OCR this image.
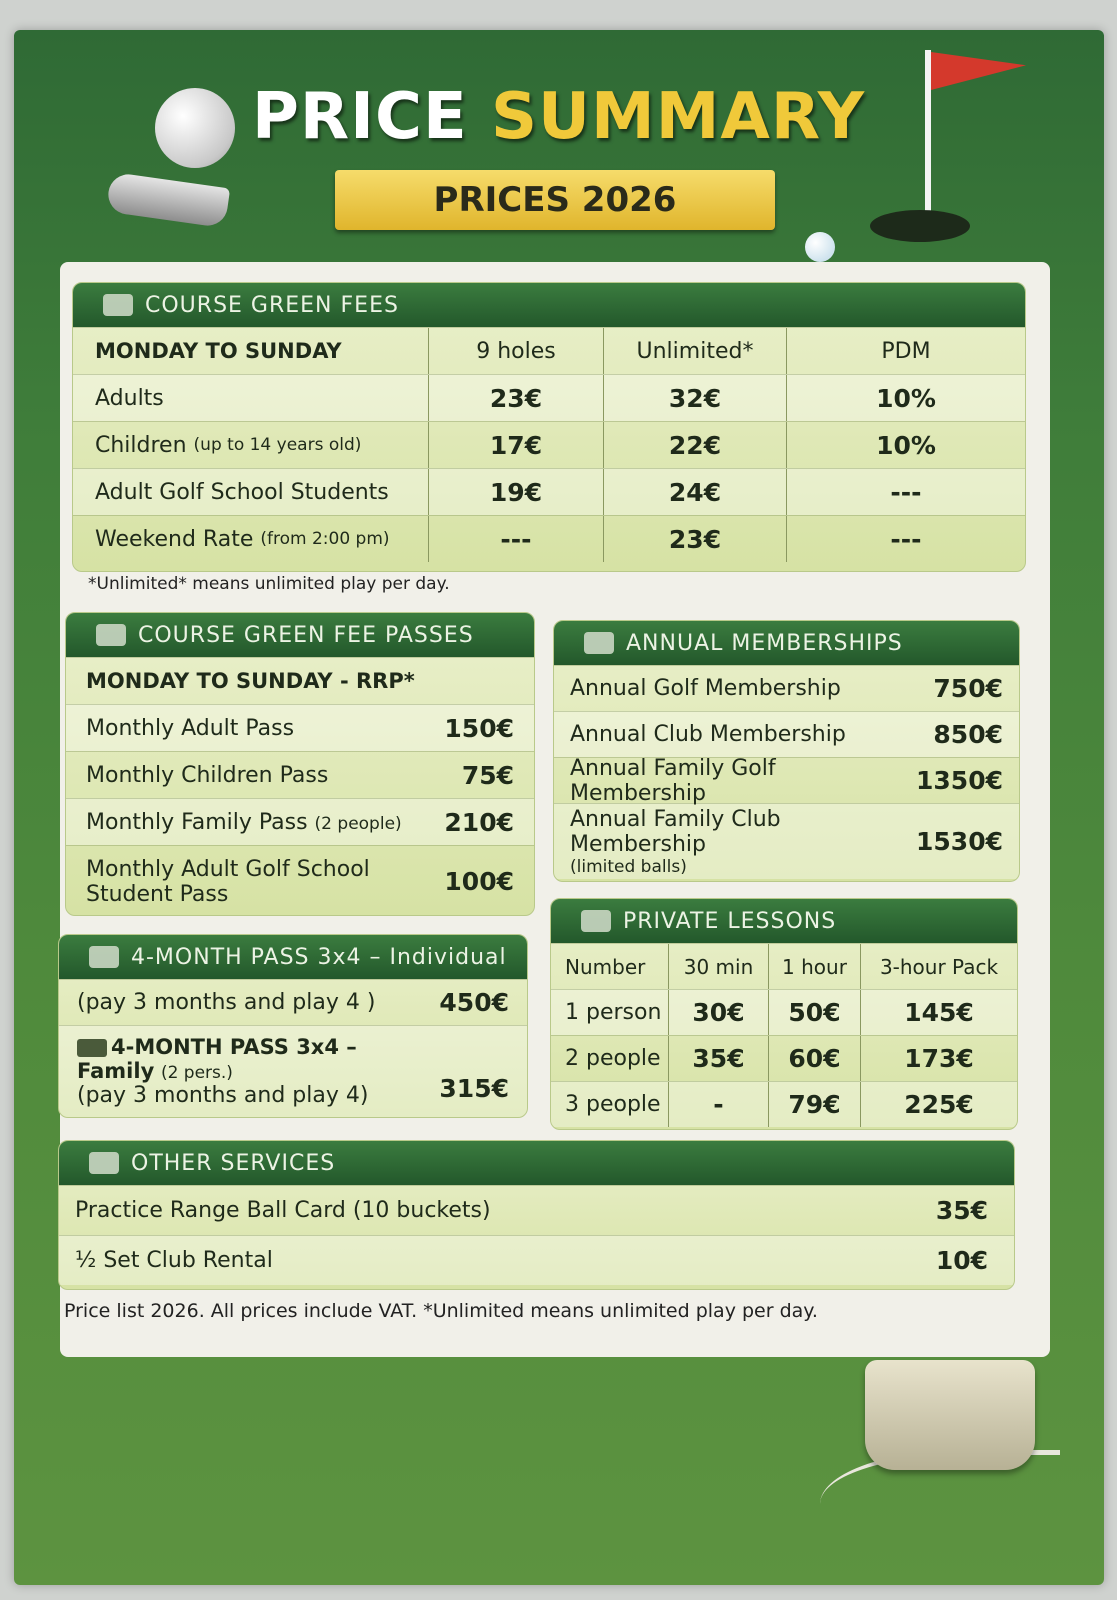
PRICE SUMMARY
PRICES 2026
COURSE GREEN FEES
MONDAY TO SUNDAY	9 holes	Unlimited*	PDM
Adults	23€	32€	10%
Children
(up to 14 years old)	17€	22€	10%
Adult Golf School Students	19€	24€	---
Weekend Rate
(from 2:00 pm)	---	23€	---
*Unlimited* means unlimited play per day.
COURSE GREEN FEE PASSES
MONDAY TO SUNDAY - RRP*
Monthly Adult Pass	150€
Monthly Children Pass	75€
Monthly Family Pass (2 people) 210€
Monthly Adult Golf School
Student Pass	100€
ANNUAL MEMBERSHIPS
Annual Golf Membership	750€
Annual Club Membership	850€
Annual Family Golf Membership	1350€
Annual Family Club Membership
(limited balls)
1530€
4-MONTH PASS 3x4 – Individual
(pay 3 months and play 4 )	450€
4-MONTH PASS 3x4 – Family (2 pers.)
(pay 3 months and play 4)	315€
PRIVATE LESSONS
Number	30 min	1 hour	3-hour Pack
1 person	30€	50€	145€
2 people	35€	60€	173€
3 people	-	79€	225€
OTHER SERVICES
Practice Range Ball Card (10 buckets)	35€
½ Set Club Rental	10€
Price list 2026. All prices include VAT. *Unlimited means unlimited play per day.
